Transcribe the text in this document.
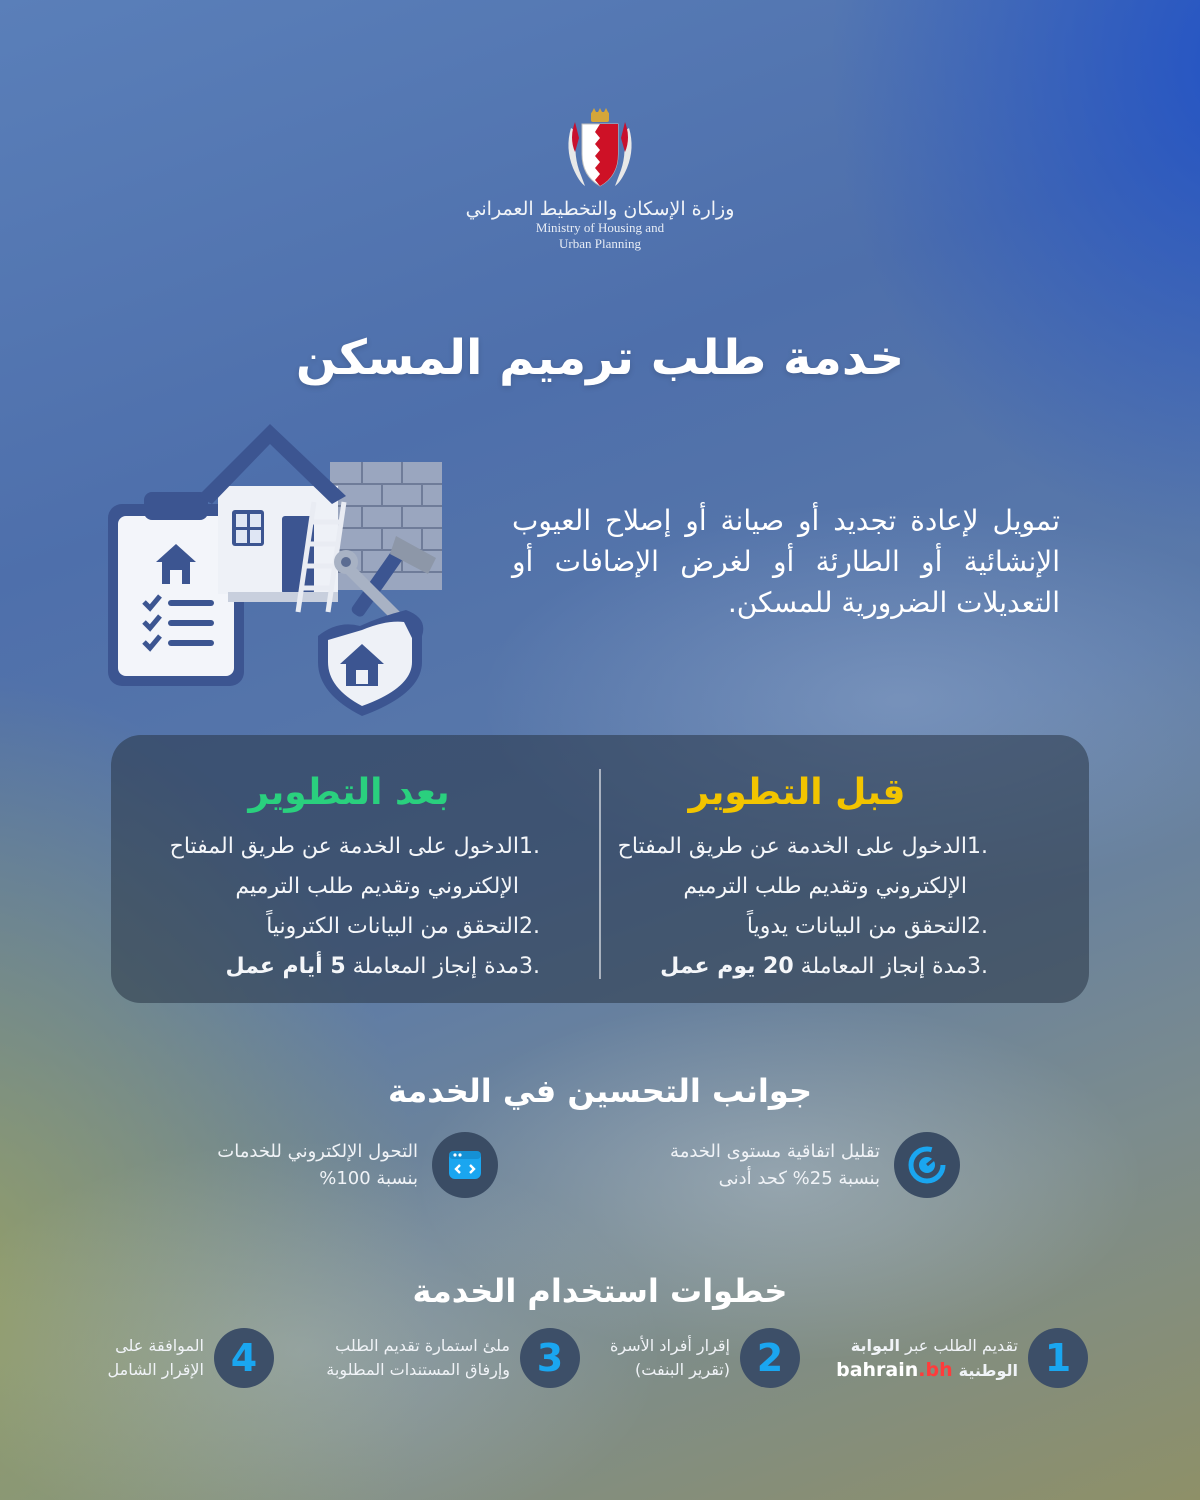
وزارة الإسكان والتخطيط العمراني
Ministry of Housing and
Urban Planning
خدمة طلب ترميم المسكن

تمويل لإعادة تجديد أو صيانة أو إصلاح العيوب الإنشائية أو الطارئة أو لغرض الإضافات أو التعديلات الضرورية للمسكن.

قبل التطوير
1.
الدخول على الخدمة عن طريق المفتاح الإلكتروني وتقديم طلب الترميم
2.
التحقق من البيانات يدوياً
3.
مدة إنجاز المعاملة 20 يوم عمل
بعد التطوير
1.
الدخول على الخدمة عن طريق المفتاح الإلكتروني وتقديم طلب الترميم
2.
التحقق من البيانات الكترونياً
3.
مدة إنجاز المعاملة 5 أيام عمل
جوانب التحسين في الخدمة
تقليل اتفاقية مستوى الخدمة
بنسبة 25% كحد أدنى
التحول الإلكتروني للخدمات
بنسبة 100%
خطوات استخدام الخدمة
1
تقديم الطلب عبر البوابة
الوطنية
bahrain.bh
2
إقرار أفراد الأسرة
(تقرير البنفت)
3
ملئ استمارة تقديم الطلب
وإرفاق المستندات المطلوبة
4
الموافقة على
الإقرار الشامل
